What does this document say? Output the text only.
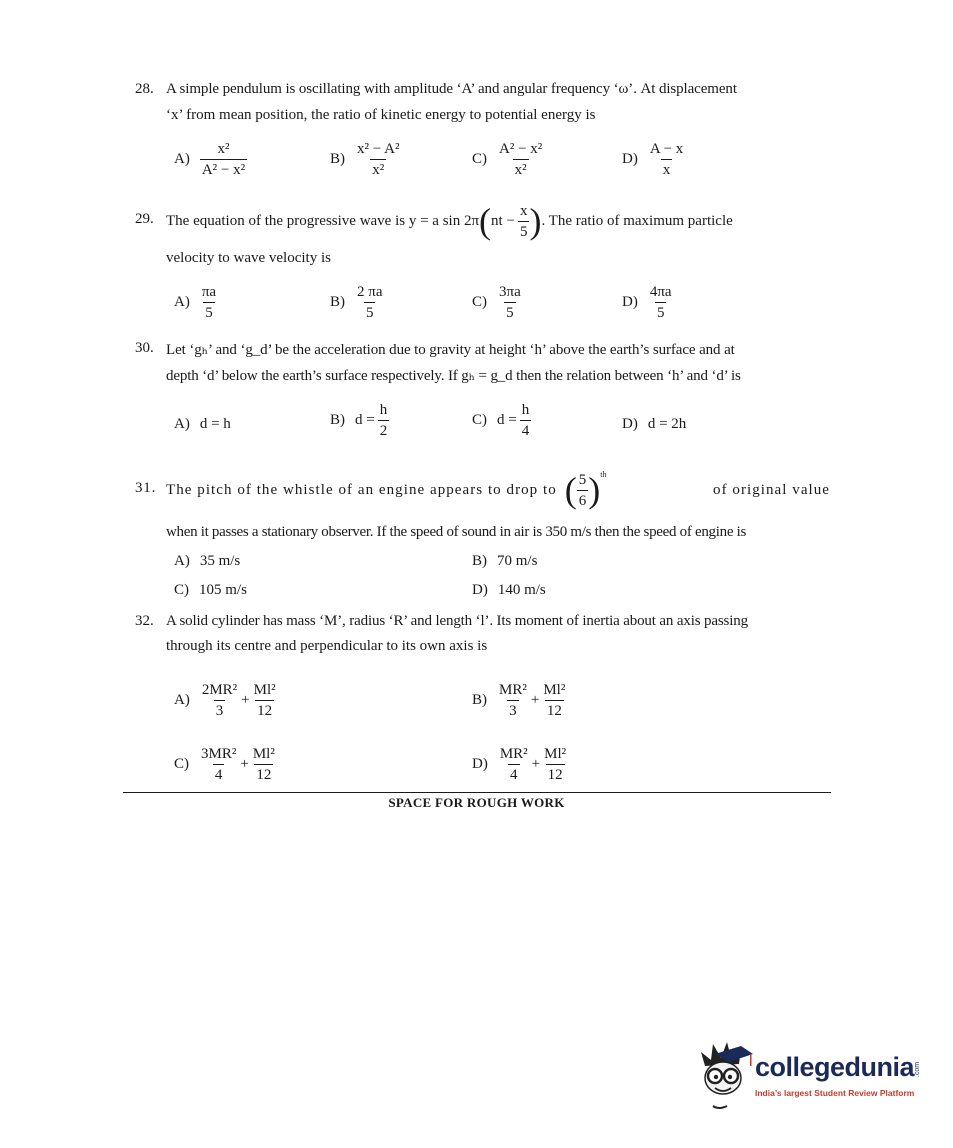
28. A simple pendulum is oscillating with amplitude ‘A’ and angular frequency ‘ω’. At displacement
‘x’ from mean position, the ratio of kinetic energy to potential energy is
$A) \frac{\text{x²}}{\text{A² − x²}}$	$B) \frac{\text{x² − A²}}{\text{x²}}$	$C) \frac{\text{A² − x²}}{\text{x²}}$	$D) \frac{A - x}{x}$
29. The equation of the progressive wave is y = a sin 2π ( nt − $\frac{x}{5}$ ) . The ratio of maximum particle
velocity to wave velocity is
$A) \frac{\pi a}{5}$	$B) \frac{2 \pi a}{5}$	$C) \frac{3\pi a}{5}$	$D) \frac{4\pi a}{5}$
30. Let ‘gₕ’ and ‘g_d’ be the acceleration due to gravity at height ‘h’ above the earth’s surface and at
depth ‘d’ below the earth’s surface respectively. If gₕ = g_d then the relation between ‘h’ and ‘d’ is
A) d = h	B) $d = \frac{h}{2}$	C) $d = \frac{h}{4}$	D) d = 2h
31. The pitch of the whistle of an engine appears to drop to ( $\frac{5}{6}$ ) th
of original value
when it passes a stationary observer. If the speed of sound in air is 350 m/s then the speed of engine is
A) 35 m/s	B) 70 m/s
C) 105 m/s	D) 140 m/s
32. A solid cylinder has mass ‘M’, radius ‘R’ and length ‘l’. Its moment of inertia about an axis passing
through its centre and perpendicular to its own axis is
$A) \frac{\text{2MR²}}{3} + \frac{\text{Ml²}}{12}$	$B) \frac{\text{MR²}}{3} + \frac{\text{Ml²}}{12}$
$C) \frac{\text{3MR²}}{4} + \frac{\text{Ml²}}{12}$	$D) \frac{\text{MR²}}{4} + \frac{\text{Ml²}}{12}$
SPACE FOR ROUGH WORK
collegedunia .com
India’s largest Student Review Platform
